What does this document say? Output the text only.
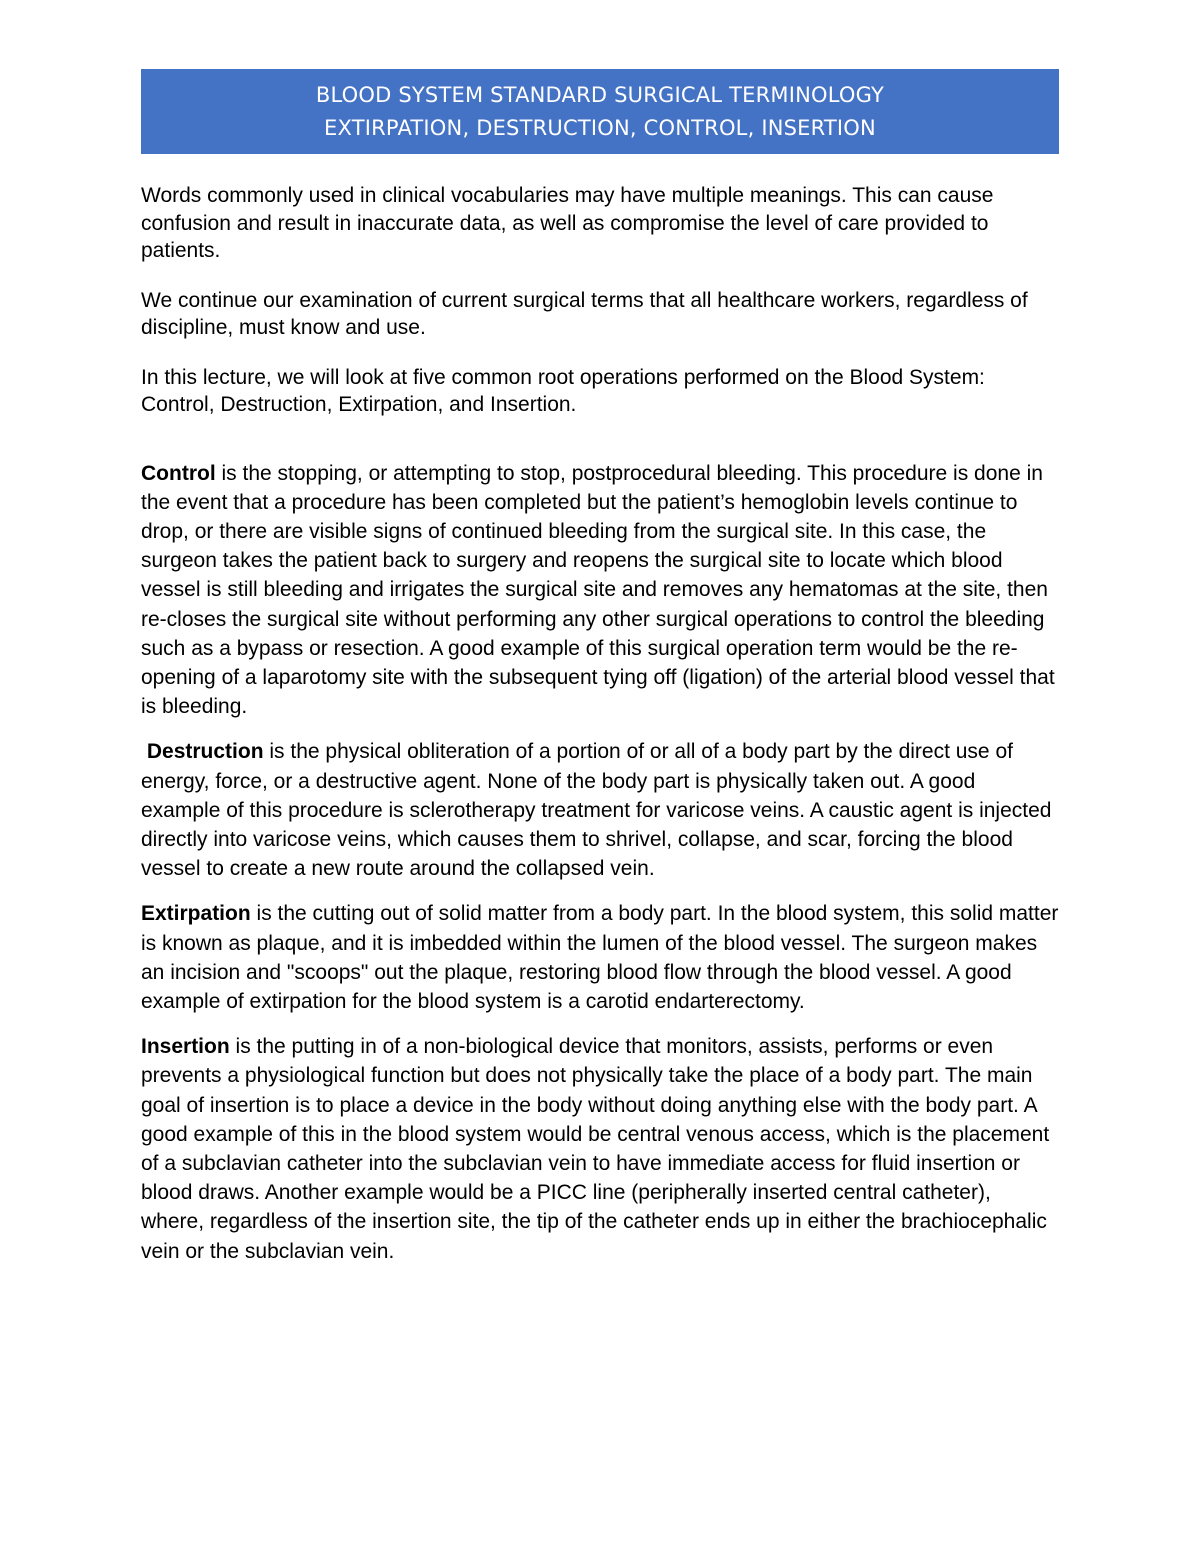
BLOOD SYSTEM STANDARD SURGICAL TERMINOLOGY
EXTIRPATION, DESTRUCTION, CONTROL, INSERTION

Words commonly used in clinical vocabularies may have multiple meanings. This can cause confusion and result in inaccurate data, as well as compromise the level of care provided to patients.

We continue our examination of current surgical terms that all healthcare workers, regardless of discipline, must know and use.

In this lecture, we will look at five common root operations performed on the Blood System: Control, Destruction, Extirpation, and Insertion.

Control is the stopping, or attempting to stop, postprocedural bleeding. This procedure is done in the event that a procedure has been completed but the patient’s hemoglobin levels continue to drop, or there are visible signs of continued bleeding from the surgical site. In this case, the surgeon takes the patient back to surgery and reopens the surgical site to locate which blood vessel is still bleeding and irrigates the surgical site and removes any hematomas at the site, then re-closes the surgical site without performing any other surgical operations to control the bleeding such as a bypass or resection. A good example of this surgical operation term would be the re-opening of a laparotomy site with the subsequent tying off (ligation) of the arterial blood vessel that is bleeding.

Destruction is the physical obliteration of a portion of or all of a body part by the direct use of energy, force, or a destructive agent. None of the body part is physically taken out. A good example of this procedure is sclerotherapy treatment for varicose veins. A caustic agent is injected directly into varicose veins, which causes them to shrivel, collapse, and scar, forcing the blood vessel to create a new route around the collapsed vein.

Extirpation is the cutting out of solid matter from a body part. In the blood system, this solid matter is known as plaque, and it is imbedded within the lumen of the blood vessel. The surgeon makes an incision and "scoops" out the plaque, restoring blood flow through the blood vessel. A good example of extirpation for the blood system is a carotid endarterectomy.

Insertion is the putting in of a non-biological device that monitors, assists, performs or even prevents a physiological function but does not physically take the place of a body part. The main goal of insertion is to place a device in the body without doing anything else with the body part. A good example of this in the blood system would be central venous access, which is the placement of a subclavian catheter into the subclavian vein to have immediate access for fluid insertion or blood draws. Another example would be a PICC line (peripherally inserted central catheter), where, regardless of the insertion site, the tip of the catheter ends up in either the brachiocephalic vein or the subclavian vein.
